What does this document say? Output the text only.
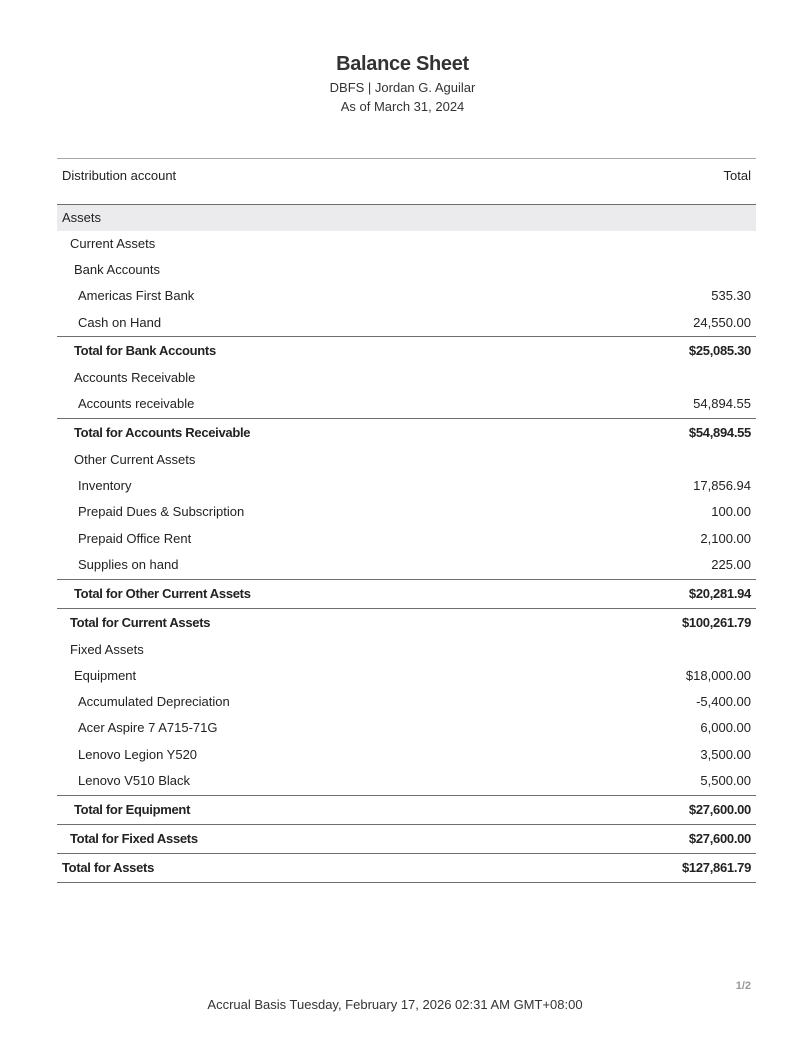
Balance Sheet
DBFS | Jordan G. Aguilar
As of March 31, 2024
Distribution account	Total
Assets
Current Assets
Bank Accounts
Americas First Bank	535.30
Cash on Hand	24,550.00
Total for Bank Accounts	$25,085.30
Accounts Receivable
Accounts receivable	54,894.55
Total for Accounts Receivable	$54,894.55
Other Current Assets
Inventory	17,856.94
Prepaid Dues & Subscription	100.00
Prepaid Office Rent	2,100.00
Supplies on hand	225.00
Total for Other Current Assets	$20,281.94
Total for Current Assets	$100,261.79
Fixed Assets
Equipment	$18,000.00
Accumulated Depreciation	-5,400.00
Acer Aspire 7 A715-71G	6,000.00
Lenovo Legion Y520	3,500.00
Lenovo V510 Black	5,500.00
Total for Equipment	$27,600.00
Total for Fixed Assets	$27,600.00
Total for Assets	$127,861.79
1/2
Accrual Basis Tuesday, February 17, 2026 02:31 AM GMT+08:00
